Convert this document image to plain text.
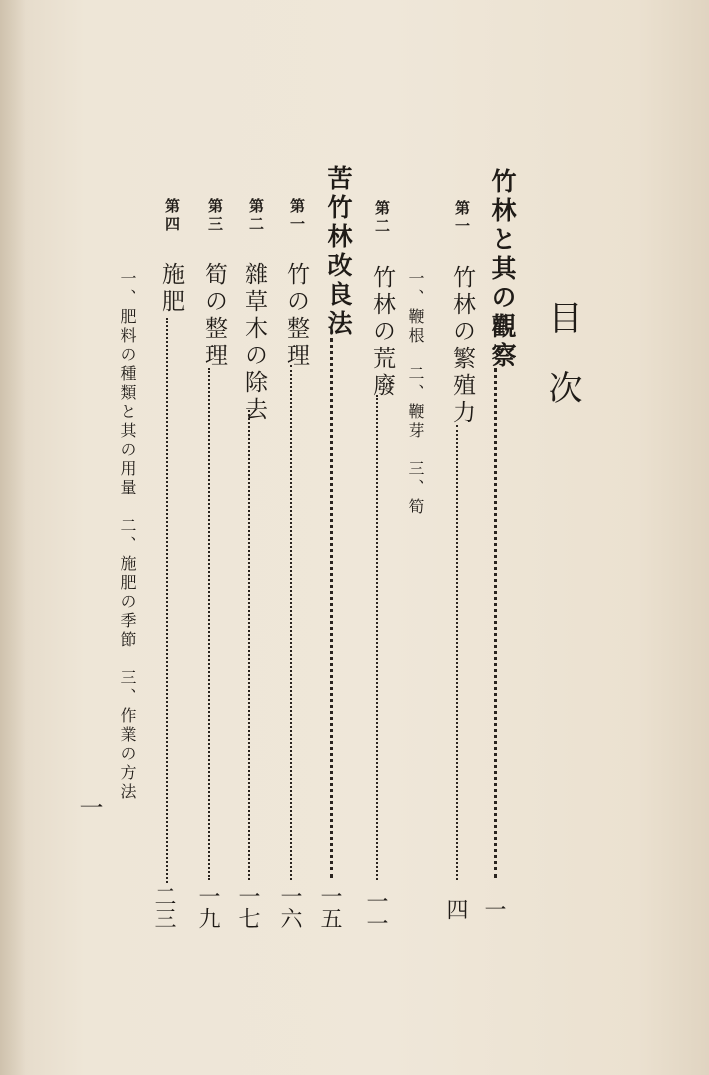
目次
竹林と其の觀察
一
第一
竹林の繁殖力
四
一、鞭根　二、鞭芽　三、筍
第二
竹林の荒廢
一一
苦竹林改良法
一五
第一
竹の整理
一六
第二
雜草木の除去
一七
第三
筍の整理
一九
第四
施肥
二三
一、肥料の種類と其の用量　二、施肥の季節　三、作業の方法
一
